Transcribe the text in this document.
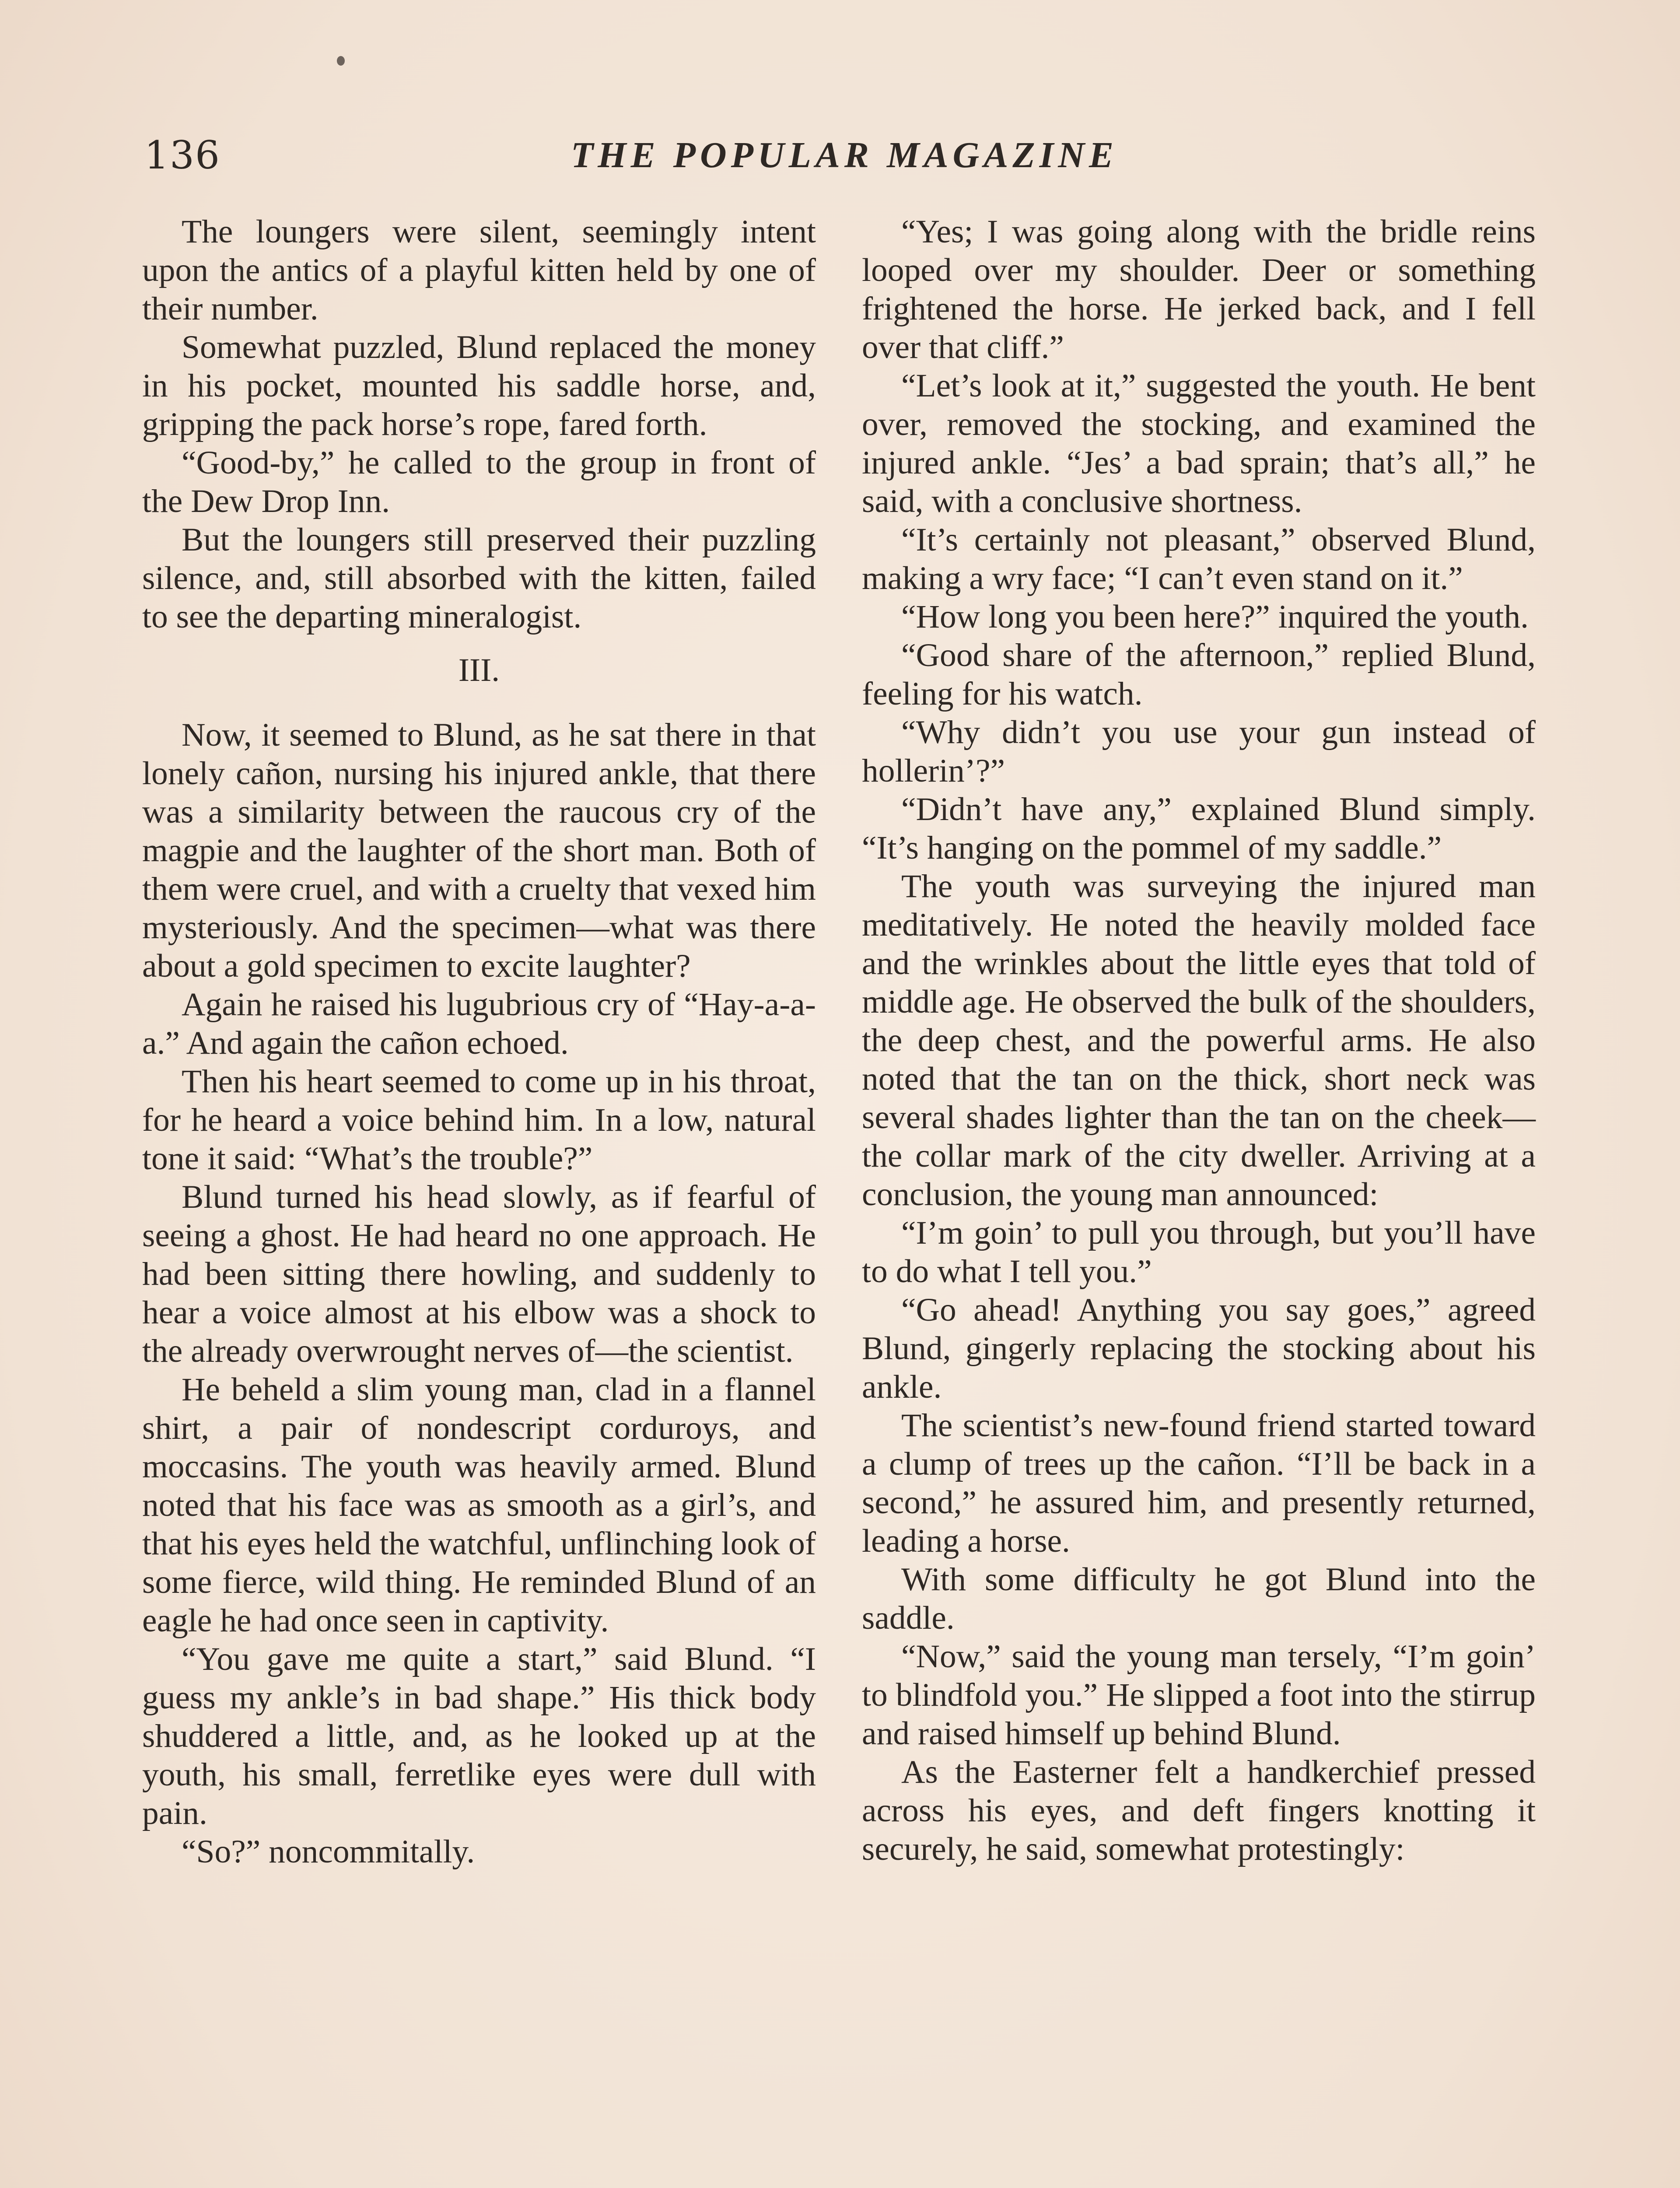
136	THE POPULAR MAGAZINE

The loungers were silent, seemingly intent upon the antics of a playful kitten held by one of their number.

Somewhat puzzled, Blund replaced the money in his pocket, mounted his saddle horse, and, gripping the pack horse’s rope, fared forth.

“Good-by,” he called to the group in front of the Dew Drop Inn.

But the loungers still preserved their puzzling silence, and, still absorbed with the kitten, failed to see the departing mineralogist.

III.

Now, it seemed to Blund, as he sat there in that lonely cañon, nursing his injured ankle, that there was a similarity between the raucous cry of the magpie and the laughter of the short man. Both of them were cruel, and with a cruelty that vexed him mysteriously. And the specimen—what was there about a gold specimen to excite laughter?

Again he raised his lugubrious cry of “Hay-a-a-a.” And again the cañon echoed.

Then his heart seemed to come up in his throat, for he heard a voice behind him. In a low, natural tone it said: “What’s the trouble?”

Blund turned his head slowly, as if fearful of seeing a ghost. He had heard no one approach. He had been sitting there howling, and suddenly to hear a voice almost at his elbow was a shock to the already overwrought nerves of—the scientist.

He beheld a slim young man, clad in a flannel shirt, a pair of nondescript corduroys, and moccasins. The youth was heavily armed. Blund noted that his face was as smooth as a girl’s, and that his eyes held the watchful, unflinching look of some fierce, wild thing. He reminded Blund of an eagle he had once seen in captivity.

“You gave me quite a start,” said Blund. “I guess my ankle’s in bad shape.” His thick body shuddered a little, and, as he looked up at the youth, his small, ferretlike eyes were dull with pain.

“So?” noncommitally.

“Yes; I was going along with the bridle reins looped over my shoulder. Deer or something frightened the horse. He jerked back, and I fell over that cliff.”

“Let’s look at it,” suggested the youth. He bent over, removed the stocking, and examined the injured ankle. “Jes’ a bad sprain; that’s all,” he said, with a conclusive shortness.

“It’s certainly not pleasant,” observed Blund, making a wry face; “I can’t even stand on it.”

“How long you been here?” inquired the youth.

“Good share of the afternoon,” replied Blund, feeling for his watch.

“Why didn’t you use your gun instead of hollerin’?”

“Didn’t have any,” explained Blund simply. “It’s hanging on the pommel of my saddle.”

The youth was surveying the injured man meditatively. He noted the heavily molded face and the wrinkles about the little eyes that told of middle age. He observed the bulk of the shoulders, the deep chest, and the powerful arms. He also noted that the tan on the thick, short neck was several shades lighter than the tan on the cheek—the collar mark of the city dweller. Arriving at a conclusion, the young man announced:

“I’m goin’ to pull you through, but you’ll have to do what I tell you.”

“Go ahead! Anything you say goes,” agreed Blund, gingerly replacing the stocking about his ankle.

The scientist’s new-found friend started toward a clump of trees up the cañon. “I’ll be back in a second,” he assured him, and presently returned, leading a horse.

With some difficulty he got Blund into the saddle.

“Now,” said the young man tersely, “I’m goin’ to blindfold you.” He slipped a foot into the stirrup and raised himself up behind Blund.

As the Easterner felt a handkerchief pressed across his eyes, and deft fingers knotting it securely, he said, somewhat protestingly:
